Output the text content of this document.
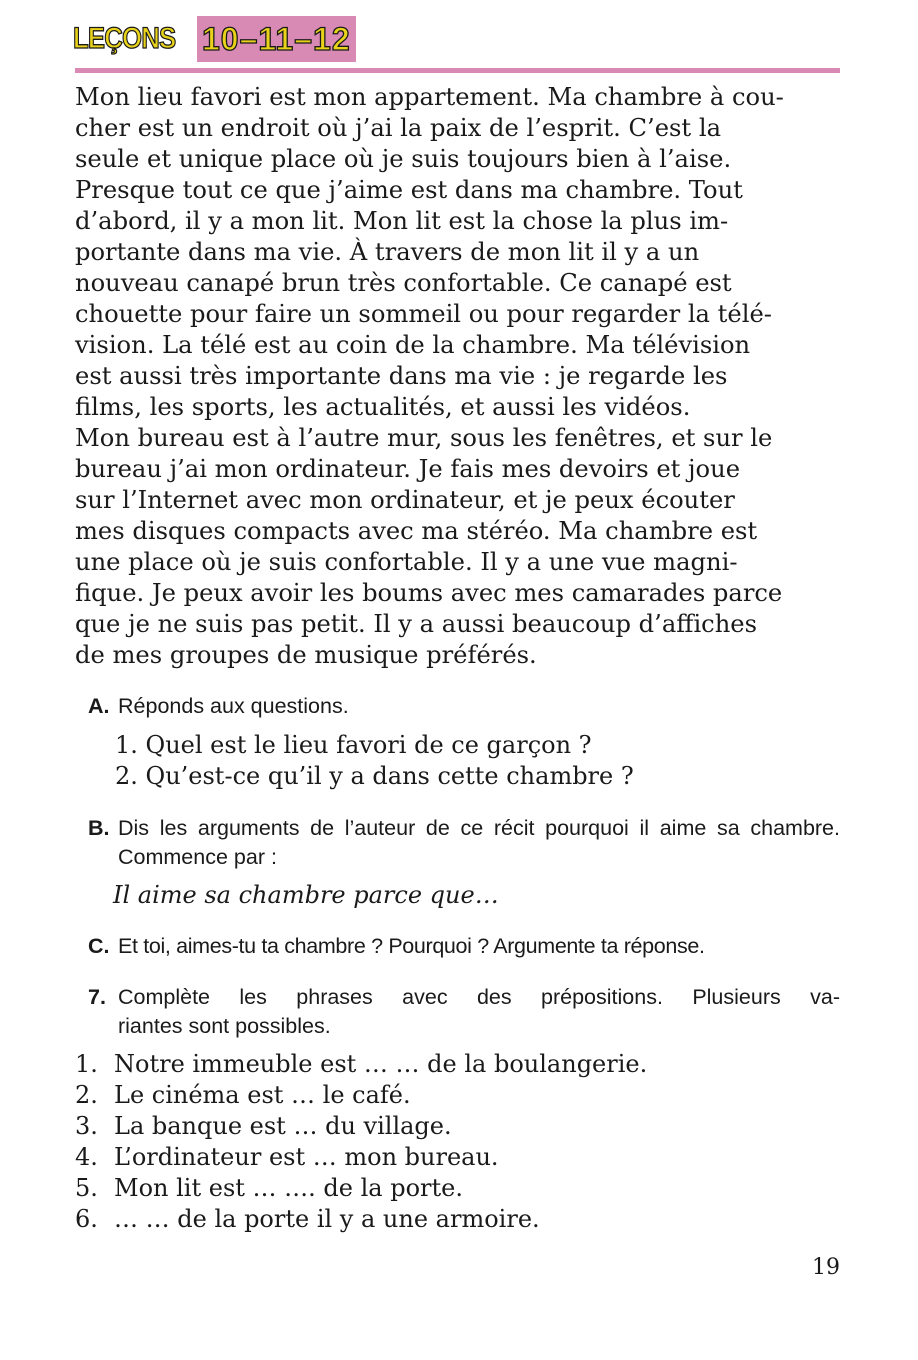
LEÇONS 10–11–12

Mon lieu favori est mon appartement. Ma chambre à cou-

cher est un endroit où j’ai la paix de l’esprit. C’est la

seule et unique place où je suis toujours bien à l’aise.

Presque tout ce que j’aime est dans ma chambre. Tout

d’abord, il y a mon lit. Mon lit est la chose la plus im-

portante dans ma vie. À travers de mon lit il y a un

nouveau canapé brun très confortable. Ce canapé est

chouette pour faire un sommeil ou pour regarder la télé-

vision. La télé est au coin de la chambre. Ma télévision

est aussi très importante dans ma vie : je regarde les

films, les sports, les actualités, et aussi les vidéos.

Mon bureau est à l’autre mur, sous les fenêtres, et sur le

bureau j’ai mon ordinateur. Je fais mes devoirs et joue

sur l’Internet avec mon ordinateur, et je peux écouter

mes disques compacts avec ma stéréo. Ma chambre est

une place où je suis confortable. Il y a une vue magni-

fique. Je peux avoir les boums avec mes camarades parce

que je ne suis pas petit. Il y a aussi beaucoup d’affiches

de mes groupes de musique préférés.

A. Réponds aux questions.
1. Quel est le lieu favori de ce garçon ?
2. Qu’est-ce qu’il y a dans cette chambre ?
B. Dis les arguments de l’auteur de ce récit pourquoi il aime sa chambre. Commence par :
Il aime sa chambre parce que…
C. Et toi, aimes-tu ta chambre ? Pourquoi ? Argumente ta réponse.
7. Complète les phrases avec des prépositions. Plusieurs va-
riantes sont possibles.
1. Notre immeuble est … … de la boulangerie.
2. Le cinéma est … le café.
3. La banque est … du village.
4. L’ordinateur est … mon bureau.
5. Mon lit est … …. de la porte.
6. … … de la porte il y a une armoire.
19
